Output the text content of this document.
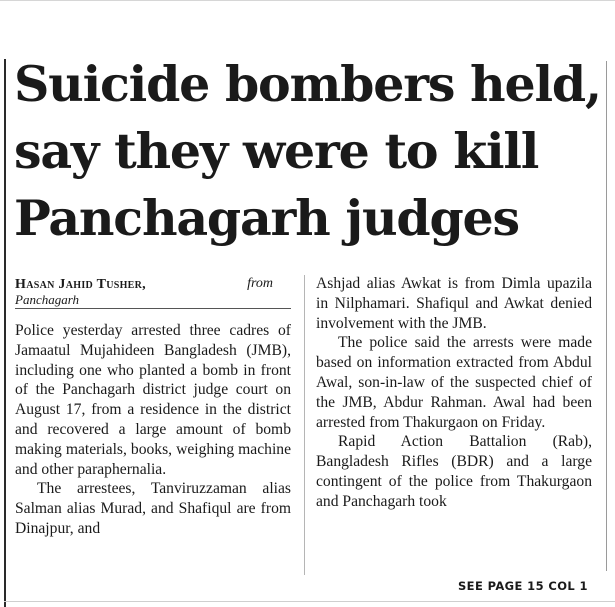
Suicide bombers held,
say they were to kill
Panchagarh judges
Hasan Jahid Tusher,	from
Panchagarh

Police yesterday arrested three cadres of Jamaatul Mujahideen Bangladesh (JMB), including one who planted a bomb in front of the Panchagarh district judge court on August 17, from a residence in the district and recovered a large amount of bomb making materials, books, weighing machine and other paraphernalia.

The arrestees, Tanviruzzaman alias Salman alias Murad, and Shafiqul are from Dinajpur, and

Ashjad alias Awkat is from Dimla upazila in Nilphamari. Shafiqul and Awkat denied involvement with the JMB.

The police said the arrests were made based on information extracted from Abdul Awal, son-in-law of the suspected chief of the JMB, Abdur Rahman. Awal had been arrested from Thakurgaon on Friday.

Rapid Action Battalion (Rab), Bangladesh Rifles (BDR) and a large contingent of the police from Thakurgaon and Panchagarh took

SEE PAGE 15 COL 1
